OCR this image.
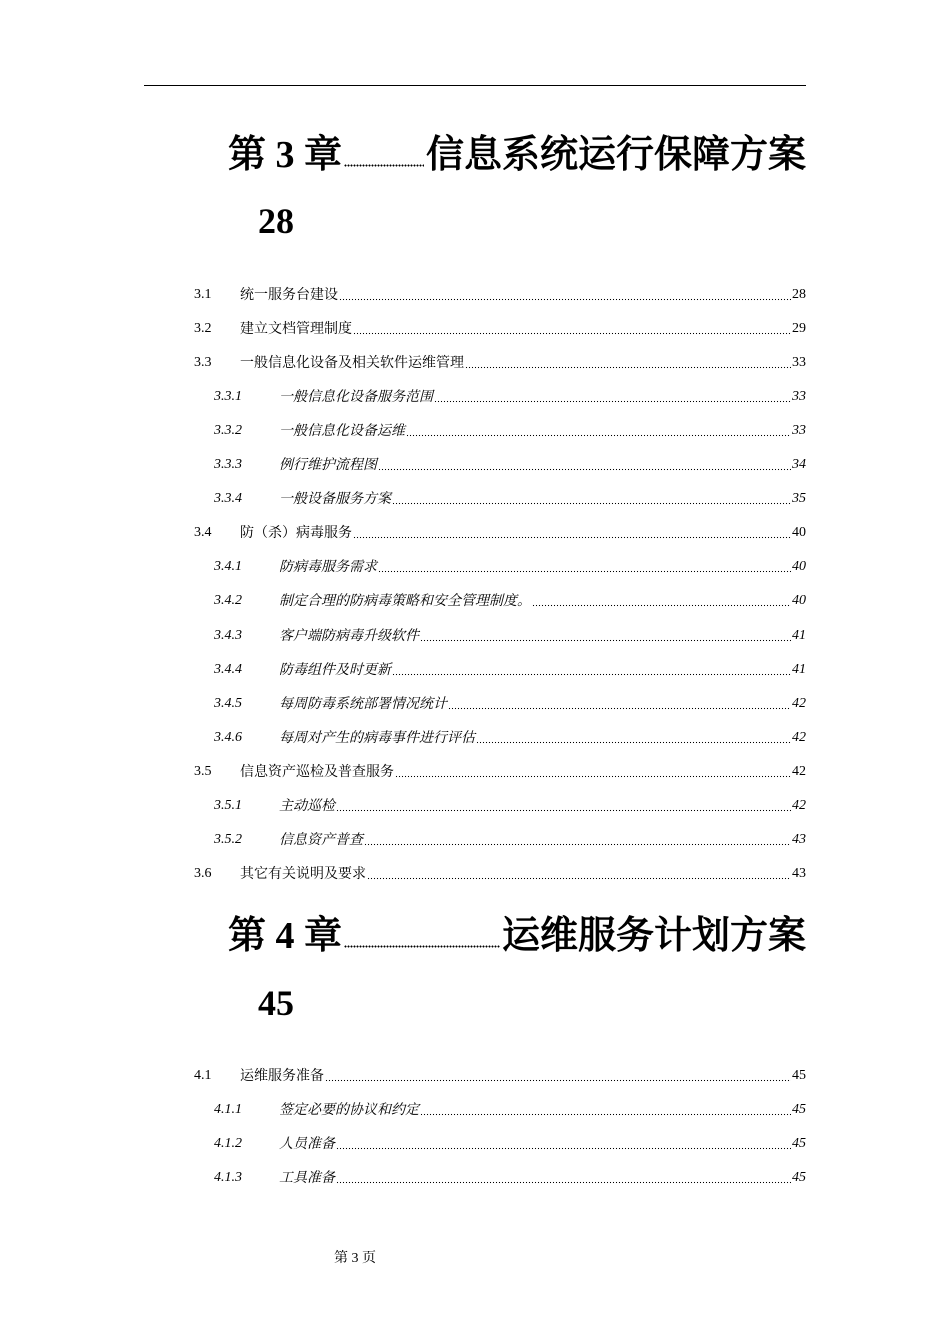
第 3 章 信息系统运行保障方案
28
3.1	统一服务台建设	28
3.2	建立文档管理制度	29
3.3	一般信息化设备及相关软件运维管理	33
3.3.1	一般信息化设备服务范围	33
3.3.2	一般信息化设备运维	33
3.3.3	例行维护流程图	34
3.3.4	一般设备服务方案	35
3.4	防（杀）病毒服务	40
3.4.1	防病毒服务需求	40
3.4.2	制定合理的防病毒策略和安全管理制度。	40
3.4.3	客户端防病毒升级软件	41
3.4.4	防毒组件及时更新	41
3.4.5	每周防毒系统部署情况统计	42
3.4.6	每周对产生的病毒事件进行评估	42
3.5	信息资产巡检及普查服务	42
3.5.1	主动巡检	42
3.5.2	信息资产普查	43
3.6	其它有关说明及要求	43
第 4 章	运维服务计划方案
45
4.1	运维服务准备	45
4.1.1	签定必要的协议和约定	45
4.1.2	人员准备	45
4.1.3	工具准备	45
第 3 页
